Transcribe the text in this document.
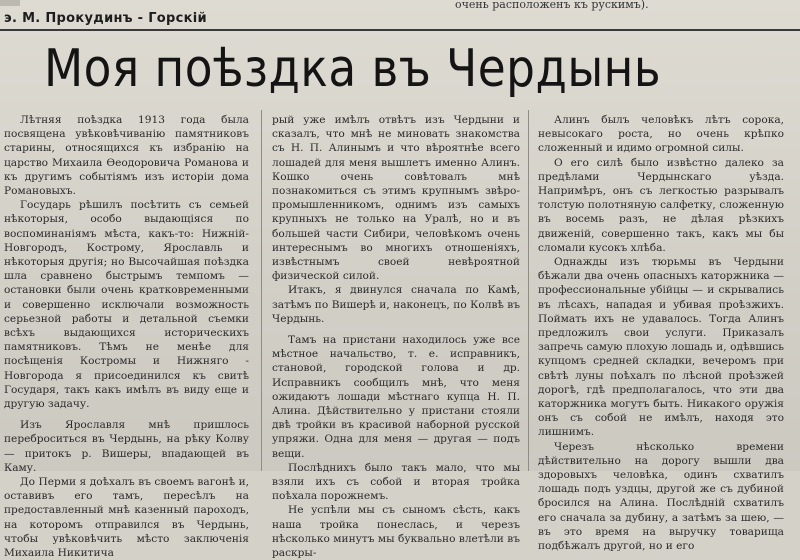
очень расположенъ къ рускимъ).
э. М. Прокудинъ - Горскій
Моя поѣздка въ Чердынь

Лѣтняя поѣздка 1913 года была посвящена увѣковѣчиванію памятниковъ старины, относящихся къ избранію на царство Михаила Өеодоровича Романова и къ другимъ событіямъ изъ исторіи дома Романовыхъ.

Государь рѣшилъ посѣтить съ семьей нѣкоторыя, особо выдающіяся по воспоминаніямъ мѣста, какъ-то: Нижній-Новгородъ, Кострому, Ярославль и нѣкоторыя другія; но Высочайшая поѣздка шла сравнено быстрымъ темпомъ — остановки были очень кратковременными и совершенно исключали возможность серьезной работы и детальной съемки всѣхъ выдающихся историческихъ памятниковъ. Тѣмъ не менѣе для посѣщенія Костромы и Нижняго - Новгорода я присоединился къ свитѣ Государя, такъ какъ имѣлъ въ виду еще и другую задачу.

Изъ Ярославля мнѣ пришлось переброситься въ Чердынь, на рѣку Колву — притокъ р. Вишеры, впадающей въ Каму.

До Перми я доѣхалъ въ своемъ вагонѣ и, оставивъ его тамъ, пересѣлъ на предоставленный мнѣ казенный пароходъ, на которомъ отправился въ Чердынь, чтобы увѣковѣчить мѣсто заключенія Михаила Никитича

рый уже имѣлъ отвѣтъ изъ Чердыни и сказалъ, что мнѣ не миновать знакомства съ Н. П. Алинымъ и что вѣроятнѣе всего лошадей для меня вышлетъ именно Алинъ. Кошко очень совѣтовалъ мнѣ познакомиться съ этимъ крупнымъ звѣро-промышленникомъ, однимъ изъ самыхъ крупныхъ не только на Уралѣ, но и въ большей части Сибири, человѣкомъ очень интереснымъ во многихъ отношеніяхъ, извѣстнымъ своей невѣроятной физической силой.

Итакъ, я двинулся сначала по Камѣ, затѣмъ по Вишерѣ и, наконецъ, по Колвѣ въ Чердынь.

Тамъ на пристани находилось уже все мѣстное начальство, т. е. исправникъ, становой, городской голова и др. Исправникъ сообщилъ мнѣ, что меня ожидаютъ лошади мѣстнаго купца Н. П. Алина. Дѣйствительно у пристани стояли двѣ тройки въ красивой наборной русской упряжи. Одна для меня — другая — подъ вещи.

Послѣднихъ было такъ мало, что мы взяли ихъ съ собой и вторая тройка поѣхала порожнемъ.

Не успѣли мы съ сыномъ сѣсть, какъ наша тройка понеслась, и черезъ нѣсколько минутъ мы буквально влетѣли въ раскры-

Алинъ былъ человѣкъ лѣтъ сорока, невысокаго роста, но очень крѣпко сложенный и идимо огромной силы.

О его силѣ было извѣстно далеко за предѣлами Чердынскаго уѣзда. Напримѣръ, онъ съ легкостью разрывалъ толстую полотняную салфетку, сложенную въ восемь разъ, не дѣлая рѣзкихъ движеній, совершенно такъ, какъ мы бы сломали кусокъ хлѣба.

Однажды изъ тюрьмы въ Чердыни бѣжали два очень опасныхъ каторжника — профессиональные убійцы — и скрывались въ лѣсахъ, нападая и убивая проѣзжихъ. Поймать ихъ не удавалось. Тогда Алинъ предложилъ свои услуги. Приказалъ запречь самую плохую лошадь и, одѣвшись купцомъ средней складки, вечеромъ при свѣтѣ луны поѣхалъ по лѣсной проѣзжей дорогѣ, гдѣ предполагалось, что эти два каторжника могутъ быть. Никакого оружія онъ съ собой не имѣлъ, находя это лишнимъ.

Черезъ нѣсколько времени дѣйствительно на дорогу вышли два здоровыхъ человѣка, одинъ схватилъ лошадь подъ уздцы, другой же съ дубиной бросился на Алина. Послѣдній схватилъ его сначала за дубину, а затѣмъ за шею, — въ это время на выручку товарища подбѣжалъ другой, но и его
